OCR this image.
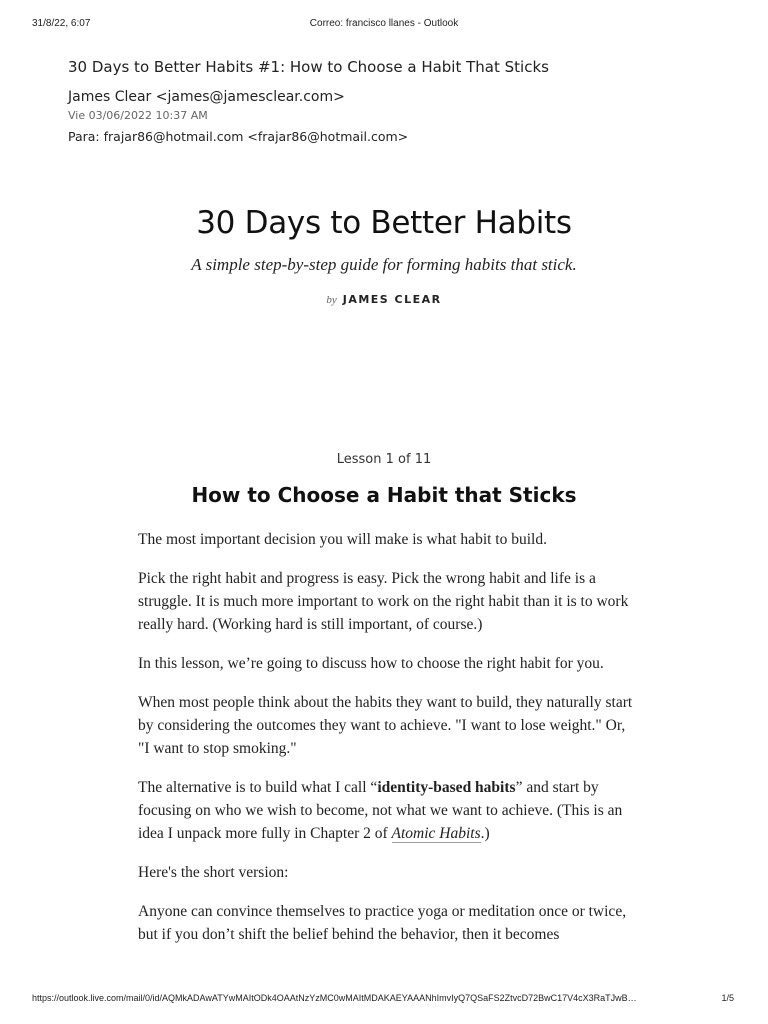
31/8/22, 6:07	Correo: francisco llanes - Outlook
30 Days to Better Habits #1: How to Choose a Habit That Sticks
James Clear <james@jamesclear.com>
Vie 03/06/2022 10:37 AM
Para: frajar86@hotmail.com <frajar86@hotmail.com>
30 Days to Better Habits
A simple step-by-step guide for forming habits that stick.
by JAMES CLEAR
Lesson 1 of 11
How to Choose a Habit that Sticks

The most important decision you will make is what habit to build.

Pick the right habit and progress is easy. Pick the wrong habit and life is a struggle. It is much more important to work on the right habit than it is to work really hard. (Working hard is still important, of course.)

In this lesson, we’re going to discuss how to choose the right habit for you.

When most people think about the habits they want to build, they naturally start by considering the outcomes they want to achieve. "I want to lose weight." Or, "I want to stop smoking."

The alternative is to build what I call “identity-based habits” and start by focusing on who we wish to become, not what we want to achieve. (This is an idea I unpack more fully in Chapter 2 of Atomic Habits.)

Here's the short version:

Anyone can convince themselves to practice yoga or meditation once or twice, but if you don’t shift the belief behind the behavior, then it becomes

https://outlook.live.com/mail/0/id/AQMkADAwATYwMAItODk4OAAtNzYzMC0wMAItMDAKAEYAAANhImvIyQ7QSaFS2ZtvcD72BwC17V4cX3RaTJwB…	1/5
